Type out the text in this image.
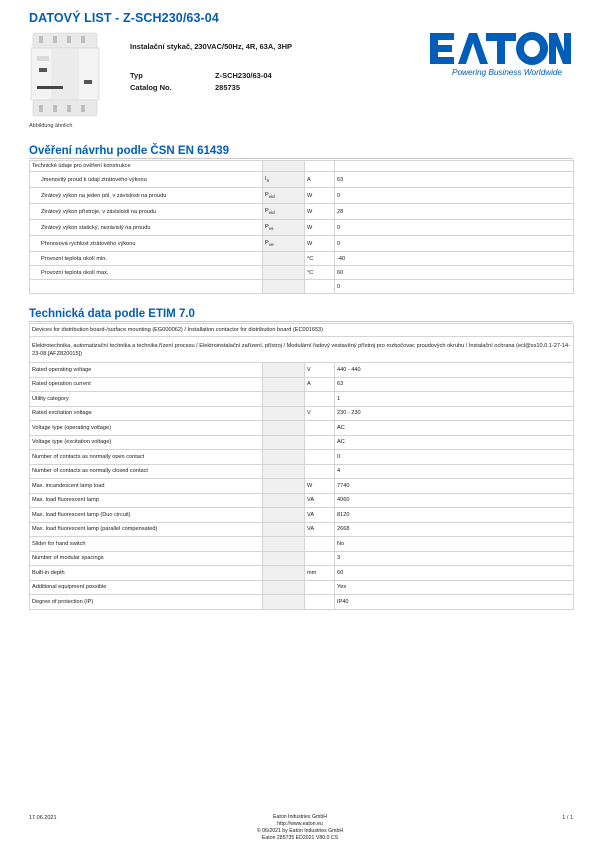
DATOVÝ LIST - Z-SCH230/63-04
Abbildung ähnlich
Instalační stykač, 230VAC/50Hz, 4R, 63A, 3HP
Typ	Z-SCH230/63-04
Catalog No.	285735
Powering Business Worldwide
Ověření návrhu podle ČSN EN 61439
Technické údaje pro ověření konstrukce			
Jmenovitý proud k údaji ztrátového výkonu	$I_n$	A	63
Ztrátový výkon na jeden pól, v závislosti na proudu	$P_{vid}$	W	0
Ztrátový výkon přístroje, v závislosti na proudu	$P_{vid}$	W	28
Ztrátový výkon statický, nezávislý na proudu	$P_{vs}$	W	0
Přenosová rychlost ztrátového výkonu	$P_{ve}$	W	0
Provozní teplota okolí min.		°C	-40
Provozní teplota okolí max.		°C	60
			0
Technická data podle ETIM 7.0
Devices for distribution board-/surface mounting (EG000062) / Installation contactor for distribution board (EC001653)			
Elektrotechnika, automatizační technika a technika řízení procesu / Elektroinstalační zařízení, přístroj / Modulární řadový vestavěný přístroj pro rozbočovac proudových okruhu / Instalační ochrana (ecl@ss10.0.1-27-14-23-08 [AFZ820015])			
Rated operating voltage		V	440 - 440
Rated operation current		A	63
Utility category			1
Rated excitation voltage		V	230 - 230
Voltage type (operating voltage)			AC
Voltage type (excitation voltage)			AC
Number of contacts as normally open contact			0
Number of contacts as normally closed contact			4
Max. incandescent lamp load		W	7740
Max. load fluorescent lamp		VA	4060
Max. load fluorescent lamp (Duo circuit)		VA	8120
Max. load fluorescent lamp (parallel compensated)		VA	2668
Slider for hand switch			No
Number of modular spacings			3
Built-in depth		mm	60
Additional equipment possible			Yes
Degree of protection (IP)			IP40
17.06.2021	Eaton Industries GmbH
http://www.eaton.eu
© 06/2021 by Eaton Industries GmbH
Eaton 285735 ED2021 V80.0 CS
1 / 1
